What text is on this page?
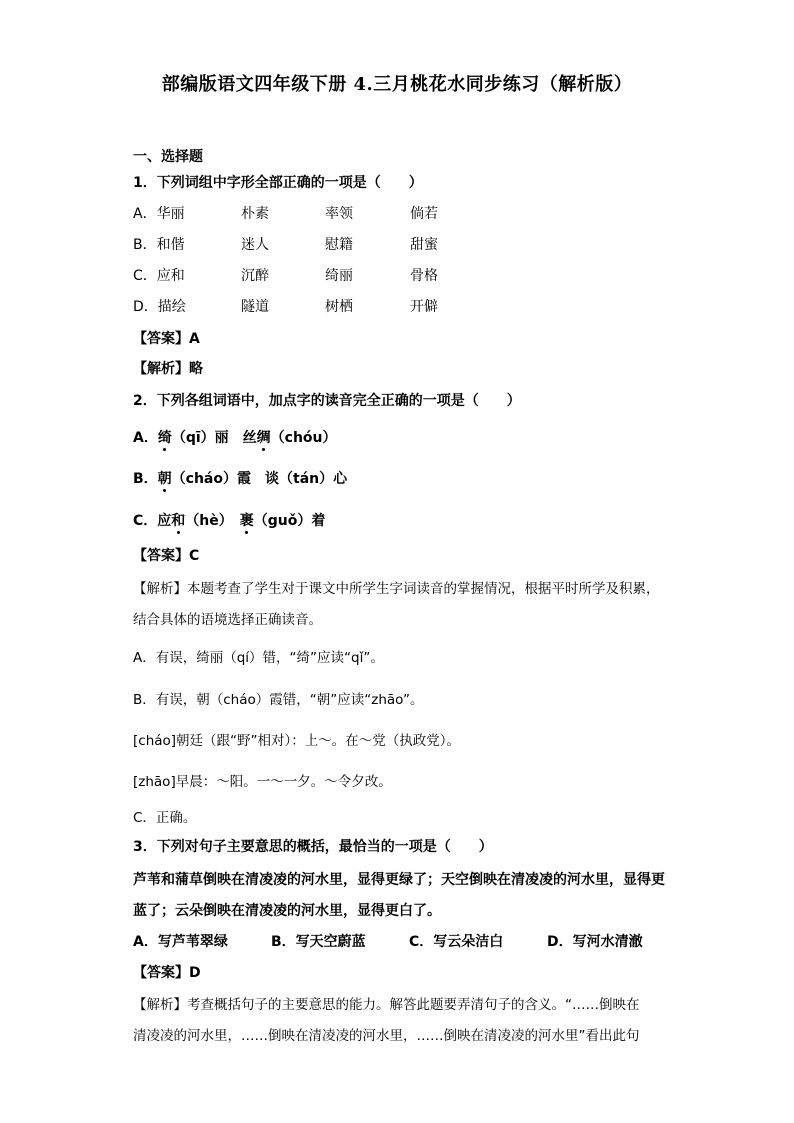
部编版语文四年级下册 4.三月桃花水同步练习（解析版）
一、选择题
1．下列词组中字形全部正确的一项是（　　）
A．华丽	朴素	率领	倘若
B．和偕	迷人	慰籍	甜蜜
C．应和	沉醉	绮丽	骨格
D．描绘	隧道	树栖	开僻
【答案】A
【解析】略
2．下列各组词语中，加点字的读音完全正确的一项是（　　）
A．绮（qī）丽　丝绸（chóu）
B．朝（cháo）霞　谈（tán）心
C．应和（hè）　裹（guǒ）着
【答案】C
【解析】本题考查了学生对于课文中所学生字词读音的掌握情况，根据平时所学及积累，
结合具体的语境选择正确读音。
A．有误，绮丽（qí）错，“绮”应读“qǐ”。
B．有误，朝（cháo）霞错，“朝”应读“zhāo”。
[cháo]朝廷（跟“野”相对）：上～。在～党（执政党）。
[zhāo]早晨：～阳。一～一夕。～令夕改。
C．正确。
3．下列对句子主要意思的概括，最恰当的一项是（　　）
芦苇和蒲草倒映在清凌凌的河水里，显得更绿了；天空倒映在清凌凌的河水里，显得更
蓝了；云朵倒映在清凌凌的河水里，显得更白了。
A．写芦苇翠绿	B．写天空蔚蓝	C．写云朵洁白	D．写河水清澈
【答案】D
【解析】考查概括句子的主要意思的能力。解答此题要弄清句子的含义。“……倒映在
清凌凌的河水里，……倒映在清凌凌的河水里，……倒映在清凌凌的河水里”看出此句
